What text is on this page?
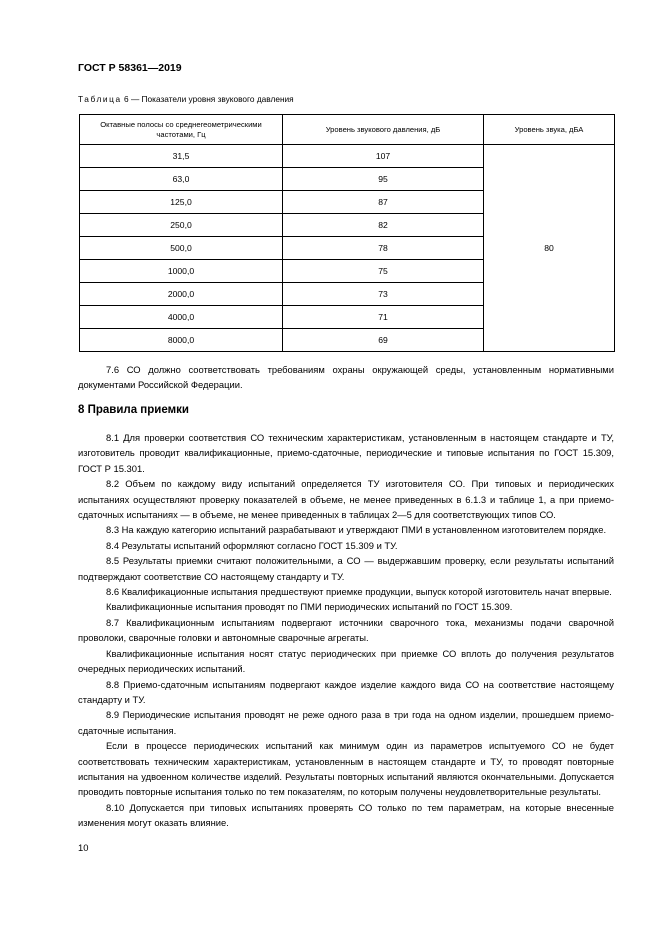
ГОСТ Р 58361—2019
Таблица 6 — Показатели уровня звукового давления
Октавные полосы со среднегеометрическими частотами, Гц	Уровень звукового давления, дБ	Уровень звука, дБА
31,5	107	80
63,0	95	
125,0	87	
250,0	82	
500,0	78	
1000,0	75	
2000,0	73	
4000,0	71	
8000,0	69	

7.6 СО должно соответствовать требованиям охраны окружающей среды, установленным нормативными документами Российской Федерации.

8 Правила приемки

8.1 Для проверки соответствия СО техническим характеристикам, установленным в настоящем стандарте и ТУ, изготовитель проводит квалификационные, приемо-сдаточные, периодические и типовые испытания по ГОСТ 15.309, ГОСТ Р 15.301.

8.2 Объем по каждому виду испытаний определяется ТУ изготовителя СО. При типовых и периодических испытаниях осуществляют проверку показателей в объеме, не менее приведенных в 6.1.3 и таблице 1, а при приемо-сдаточных испытаниях — в объеме, не менее приведенных в таблицах 2—5 для соответствующих типов СО.

8.3 На каждую категорию испытаний разрабатывают и утверждают ПМИ в установленном изготовителем порядке.

8.4 Результаты испытаний оформляют согласно ГОСТ 15.309 и ТУ.

8.5 Результаты приемки считают положительными, а СО — выдержавшим проверку, если результаты испытаний подтверждают соответствие СО настоящему стандарту и ТУ.

8.6 Квалификационные испытания предшествуют приемке продукции, выпуск которой изготовитель начат впервые.

Квалификационные испытания проводят по ПМИ периодических испытаний по ГОСТ 15.309.

8.7 Квалификационным испытаниям подвергают источники сварочного тока, механизмы подачи сварочной проволоки, сварочные головки и автономные сварочные агрегаты.

Квалификационные испытания носят статус периодических при приемке СО вплоть до получения результатов очередных периодических испытаний.

8.8 Приемо-сдаточным испытаниям подвергают каждое изделие каждого вида СО на соответствие настоящему стандарту и ТУ.

8.9 Периодические испытания проводят не реже одного раза в три года на одном изделии, прошедшем приемо-сдаточные испытания.

Если в процессе периодических испытаний как минимум один из параметров испытуемого СО не будет соответствовать техническим характеристикам, установленным в настоящем стандарте и ТУ, то проводят повторные испытания на удвоенном количестве изделий. Результаты повторных испытаний являются окончательными. Допускается проводить повторные испытания только по тем показателям, по которым получены неудовлетворительные результаты.

8.10 Допускается при типовых испытаниях проверять СО только по тем параметрам, на которые внесенные изменения могут оказать влияние.

10
